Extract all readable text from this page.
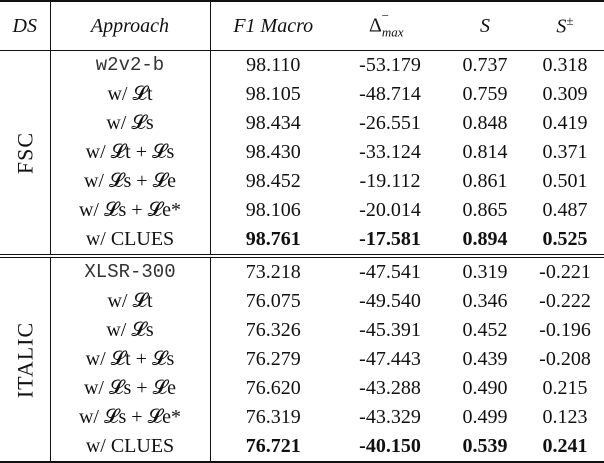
DS	Approach	F1 Macro	$\Delta_{max}^-$	S	S±

FSC	w2v2-b	98.110	-53.179	0.737	0.318
	w/ 𝓛t	98.105	-48.714	0.759	0.309
	w/ 𝓛s	98.434	-26.551	0.848	0.419
	w/ 𝓛t + 𝓛s	98.430	-33.124	0.814	0.371
	w/ 𝓛s + 𝓛e	98.452	-19.112	0.861	0.501
	w/ 𝓛s + 𝓛e*	98.106	-20.014	0.865	0.487
	w/ CLUES	98.761	-17.581	0.894	0.525

ITALIC	XLSR-300	73.218	-47.541	0.319	-0.221
	w/ 𝓛t	76.075	-49.540	0.346	-0.222
	w/ 𝓛s	76.326	-45.391	0.452	-0.196
	w/ 𝓛t + 𝓛s	76.279	-47.443	0.439	-0.208
	w/ 𝓛s + 𝓛e	76.620	-43.288	0.490	0.215
	w/ 𝓛s + 𝓛e*	76.319	-43.329	0.499	0.123
	w/ CLUES	76.721	-40.150	0.539	0.241
